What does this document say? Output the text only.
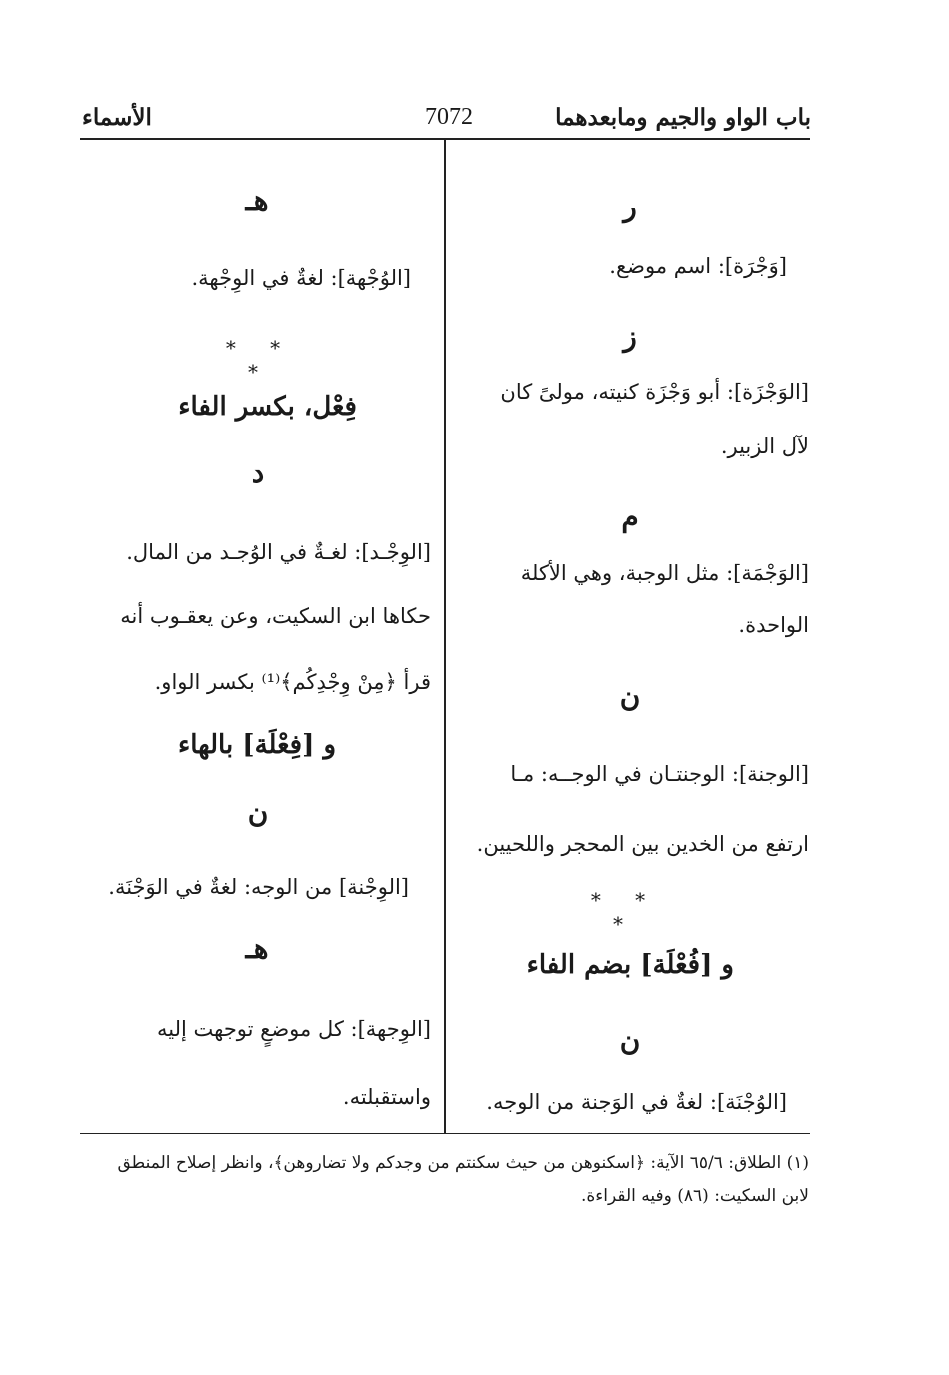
باب الواو والجيم ومابعدهما
7072
الأسماء
ر
[وَجْرَة]: اسم موضع.
ز
[الوَجْزَة]: أبو وَجْزَة كنيته، مولىً كان
لآل الزبير.
م
[الوَجْمَة]: مثل الوجبة، وهي الأكلة
الواحدة.
ن
[الوجنة]: الوجنتـان في الوجــه: مـا
ارتفع من الخدين بين المحجر واللحيين.
* * *
و [فُعْلَة] بضم الفاء
ن
[الوُجْنَة]: لغةٌ في الوَجنة من الوجه.
هـ
[الوُجْهة]: لغةٌ في الوِجْهة.
* * *
فِعْل، بكسر الفاء
د
[الوِجْـد]: لغـةٌ في الوُجـد من المال.
حكاها ابن السكيت، وعن يعقـوب أنه
قرأ ﴿مِنْ وِجْدِكُم﴾⁽¹⁾ بكسر الواو.
و [فِعْلَة] بالهاء
ن
[الوِجْنة] من الوجه: لغةٌ في الوَجْنَة.
هـ
[الوِجهة]: كل موضعٍ توجهت إليه
واستقبلته.
(١) الطلاق: ٦٥/٦ الآية: ﴿اسكنوهن من حيث سكنتم من وجدكم ولا تضاروهن﴾، وانظر إصلاح المنطق
لابن السكيت: (٨٦) وفيه القراءة.
